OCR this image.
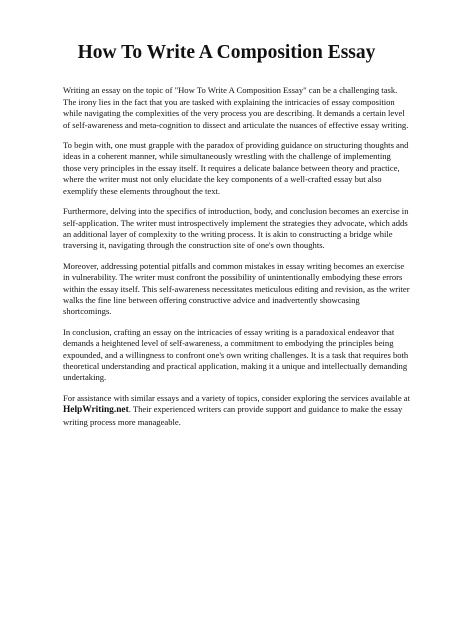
How To Write A Composition Essay

Writing an essay on the topic of "How To Write A Composition Essay" can be a challenging task. The irony lies in the fact that you are tasked with explaining the intricacies of essay composition while navigating the complexities of the very process you are describing. It demands a certain level of self-awareness and meta-cognition to dissect and articulate the nuances of effective essay writing.

To begin with, one must grapple with the paradox of providing guidance on structuring thoughts and ideas in a coherent manner, while simultaneously wrestling with the challenge of implementing those very principles in the essay itself. It requires a delicate balance between theory and practice, where the writer must not only elucidate the key components of a well-crafted essay but also exemplify these elements throughout the text.

Furthermore, delving into the specifics of introduction, body, and conclusion becomes an exercise in self-application. The writer must introspectively implement the strategies they advocate, which adds an additional layer of complexity to the writing process. It is akin to constructing a bridge while traversing it, navigating through the construction site of one's own thoughts.

Moreover, addressing potential pitfalls and common mistakes in essay writing becomes an exercise in vulnerability. The writer must confront the possibility of unintentionally embodying these errors within the essay itself. This self-awareness necessitates meticulous editing and revision, as the writer walks the fine line between offering constructive advice and inadvertently showcasing shortcomings.

In conclusion, crafting an essay on the intricacies of essay writing is a paradoxical endeavor that demands a heightened level of self-awareness, a commitment to embodying the principles being expounded, and a willingness to confront one's own writing challenges. It is a task that requires both theoretical understanding and practical application, making it a unique and intellectually demanding undertaking.

For assistance with similar essays and a variety of topics, consider exploring the services available at HelpWriting.net. Their experienced writers can provide support and guidance to make the essay writing process more manageable.
